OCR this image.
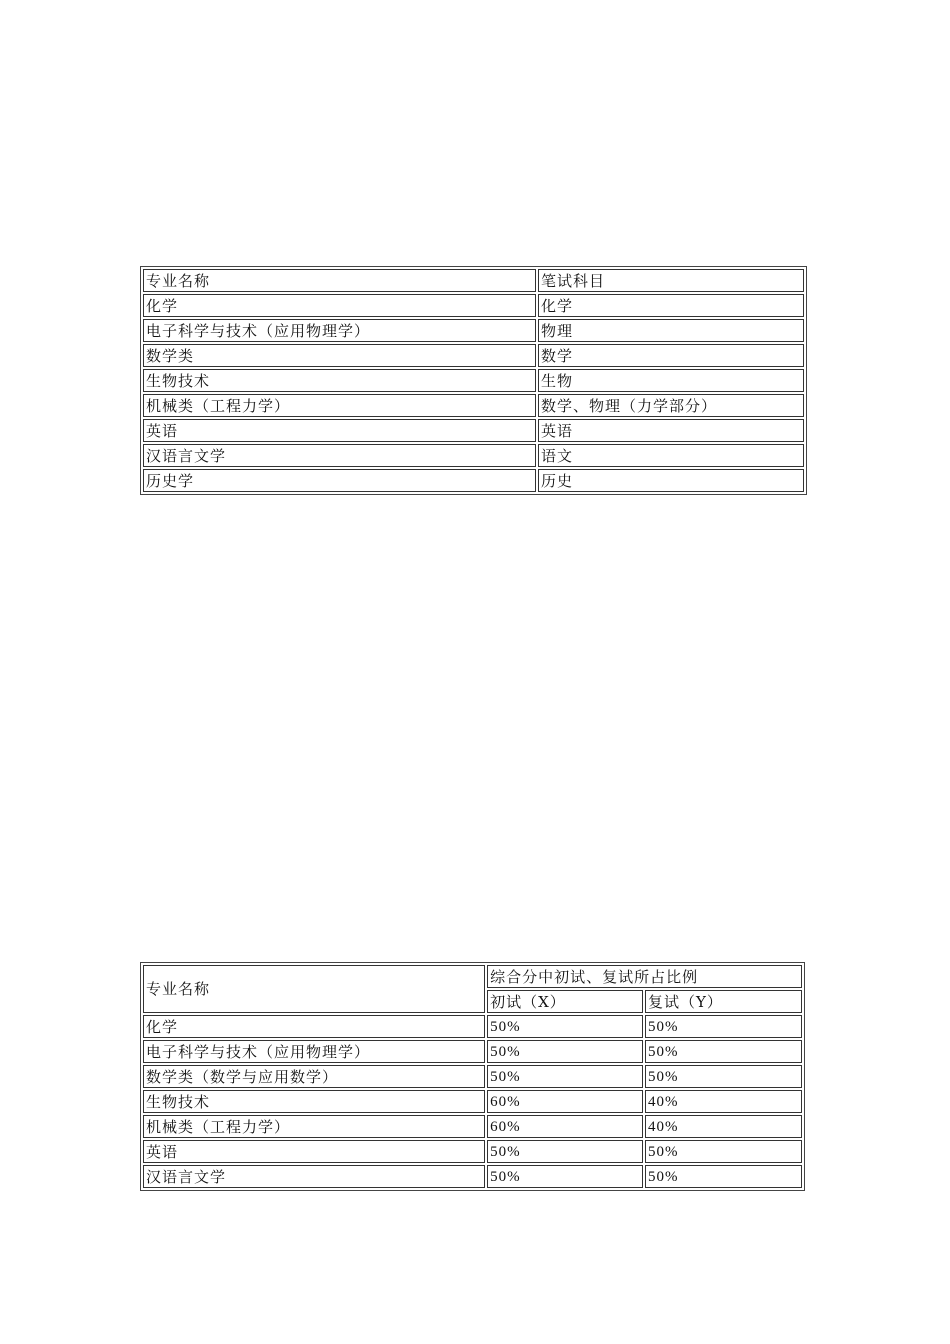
专业名称	笔试科目
化学	化学
电子科学与技术（应用物理学）	物理
数学类	数学
生物技术	生物
机械类（工程力学）	数学、物理（力学部分）
英语	英语
汉语言文学	语文
历史学	历史
专业名称	综合分中初试、复试所占比例	
	初试（X）	复试（Y）
化学	50%	50%
电子科学与技术（应用物理学）	50%	50%
数学类（数学与应用数学）	50%	50%
生物技术	60%	40%
机械类（工程力学）	60%	40%
英语	50%	50%
汉语言文学	50%	50%
